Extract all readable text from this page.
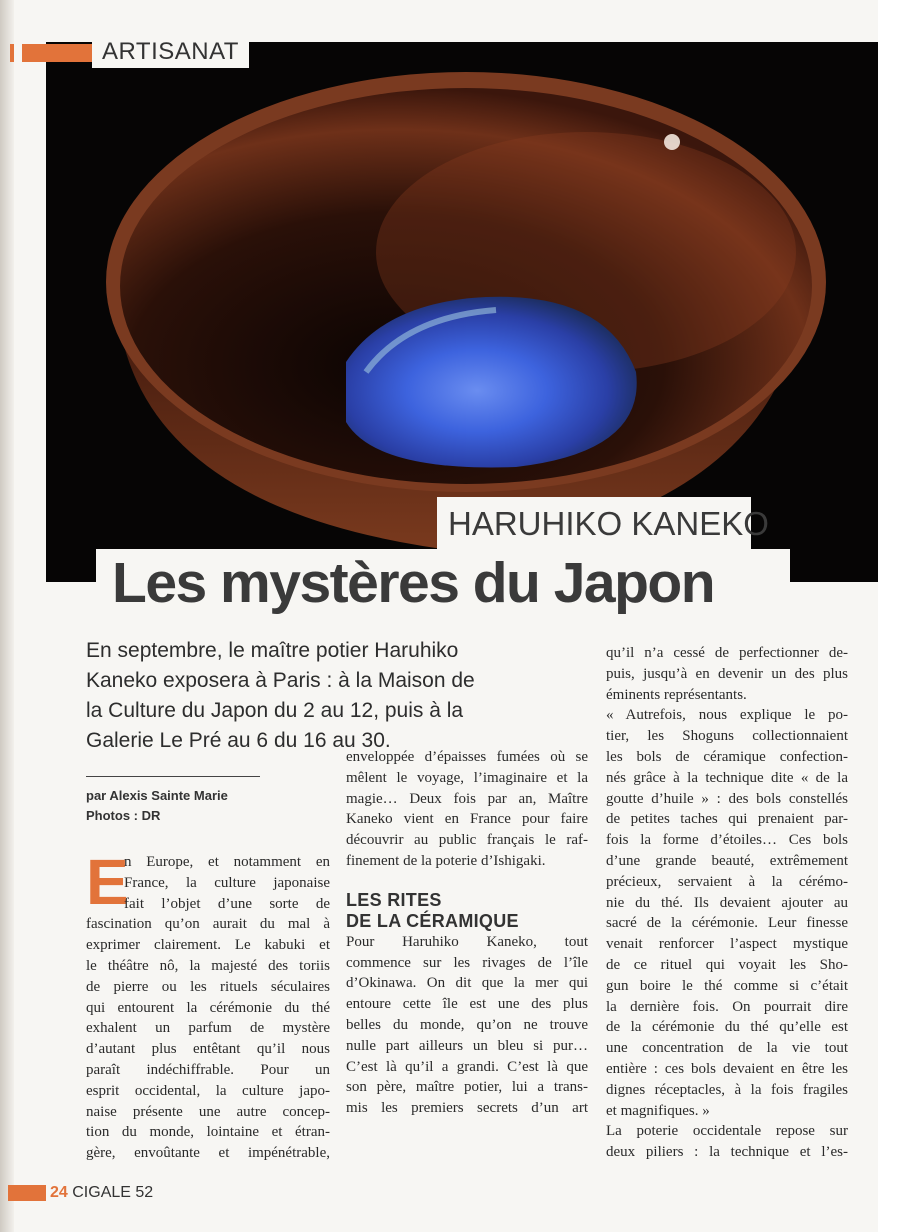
ARTISANAT
HARUHIKO KANEKO
Les mystères du Japon

En septembre, le maître potier Haruhiko

Kaneko exposera à Paris : à la Maison de

la Culture du Japon du 2 au 12, puis à la

Galerie Le Pré au 6 du 16 au 30.

par Alexis Sainte Marie
Photos : DR
E

n Europe, et notamment en

France, la culture japonaise

fait l’objet d’une sorte de

fascination qu’on aurait du mal à

exprimer clairement. Le kabuki et

le théâtre nô, la majesté des toriis

de pierre ou les rituels séculaires

qui entourent la cérémonie du thé

exhalent un parfum de mystère

d’autant plus entêtant qu’il nous

paraît indéchiffrable. Pour un

esprit occidental, la culture japo-

naise présente une autre concep-

tion du monde, lointaine et étran-

gère, envoûtante et impénétrable,

enveloppée d’épaisses fumées où se

mêlent le voyage, l’imaginaire et la

magie… Deux fois par an, Maître

Kaneko vient en France pour faire

découvrir au public français le raf-

finement de la poterie d’Ishigaki.

LES RITES

DE LA CÉRAMIQUE

Pour Haruhiko Kaneko, tout

commence sur les rivages de l’île

d’Okinawa. On dit que la mer qui

entoure cette île est une des plus

belles du monde, qu’on ne trouve

nulle part ailleurs un bleu si pur…

C’est là qu’il a grandi. C’est là que

son père, maître potier, lui a trans-

mis les premiers secrets d’un art

qu’il n’a cessé de perfectionner de-

puis, jusqu’à en devenir un des plus

éminents représentants.

« Autrefois, nous explique le po-

tier, les Shoguns collectionnaient

les bols de céramique confection-

nés grâce à la technique dite « de la

goutte d’huile » : des bols constellés

de petites taches qui prenaient par-

fois la forme d’étoiles… Ces bols

d’une grande beauté, extrêmement

précieux, servaient à la cérémo-

nie du thé. Ils devaient ajouter au

sacré de la cérémonie. Leur finesse

venait renforcer l’aspect mystique

de ce rituel qui voyait les Sho-

gun boire le thé comme si c’était

la dernière fois. On pourrait dire

de la cérémonie du thé qu’elle est

une concentration de la vie tout

entière : ces bols devaient en être les

dignes réceptacles, à la fois fragiles

et magnifiques. »

La poterie occidentale repose sur

deux piliers : la technique et l’es-

24 CIGALE 52
